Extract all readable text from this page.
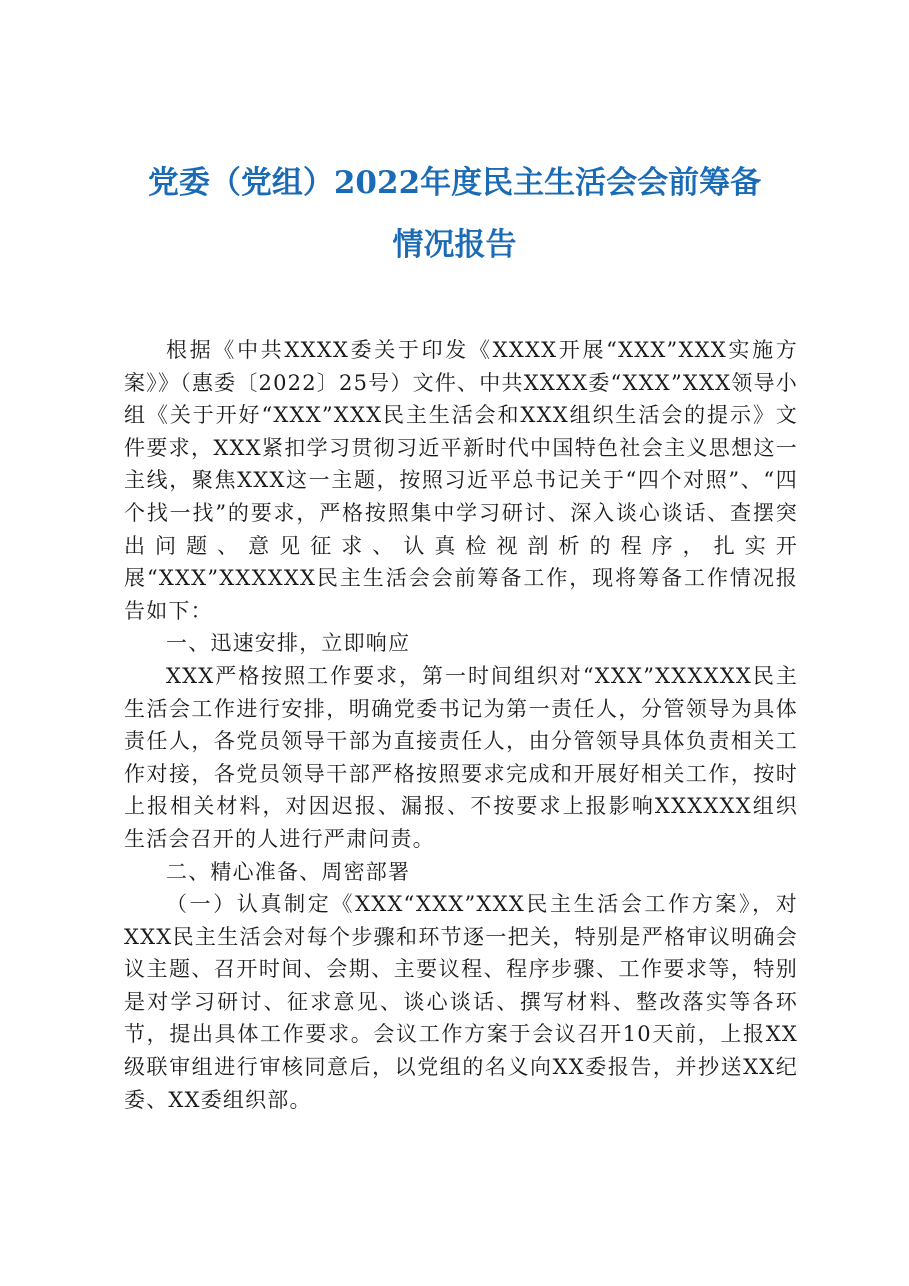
党委（党组）2022年度民主生活会会前筹备
情况报告

根据《中共XXXX委关于印发《XXXX开展“XXX”XXX实施方案》》（惠委〔2022〕25号）文件、中共XXXX委“XXX”XXX领导小组《关于开好“XXX”XXX民主生活会和XXX组织生活会的提示》文件要求，XXX紧扣学习贯彻习近平新时代中国特色社会主义思想这一主线，聚焦XXX这一主题，按照习近平总书记关于“四个对照”、“四个找一找”的要求，严格按照集中学习研讨、深入谈心谈话、查摆突出问题、意见征求、认真检视剖析的程序，扎实开展“XXX”XXXXXX民主生活会会前筹备工作，现将筹备工作情况报告如下：

一、迅速安排，立即响应

XXX严格按照工作要求，第一时间组织对“XXX”XXXXXX民主生活会工作进行安排，明确党委书记为第一责任人，分管领导为具体责任人，各党员领导干部为直接责任人，由分管领导具体负责相关工作对接，各党员领导干部严格按照要求完成和开展好相关工作，按时上报相关材料，对因迟报、漏报、不按要求上报影响XXXXXX组织生活会召开的人进行严肃问责。

二、精心准备、周密部署

（一）认真制定《XXX“XXX”XXX民主生活会工作方案》，对XXX民主生活会对每个步骤和环节逐一把关，特别是严格审议明确会议主题、召开时间、会期、主要议程、程序步骤、工作要求等，特别是对学习研讨、征求意见、谈心谈话、撰写材料、整改落实等各环节，提出具体工作要求。会议工作方案于会议召开10天前，上报XX级联审组进行审核同意后，以党组的名义向XX委报告，并抄送XX纪委、XX委组织部。
